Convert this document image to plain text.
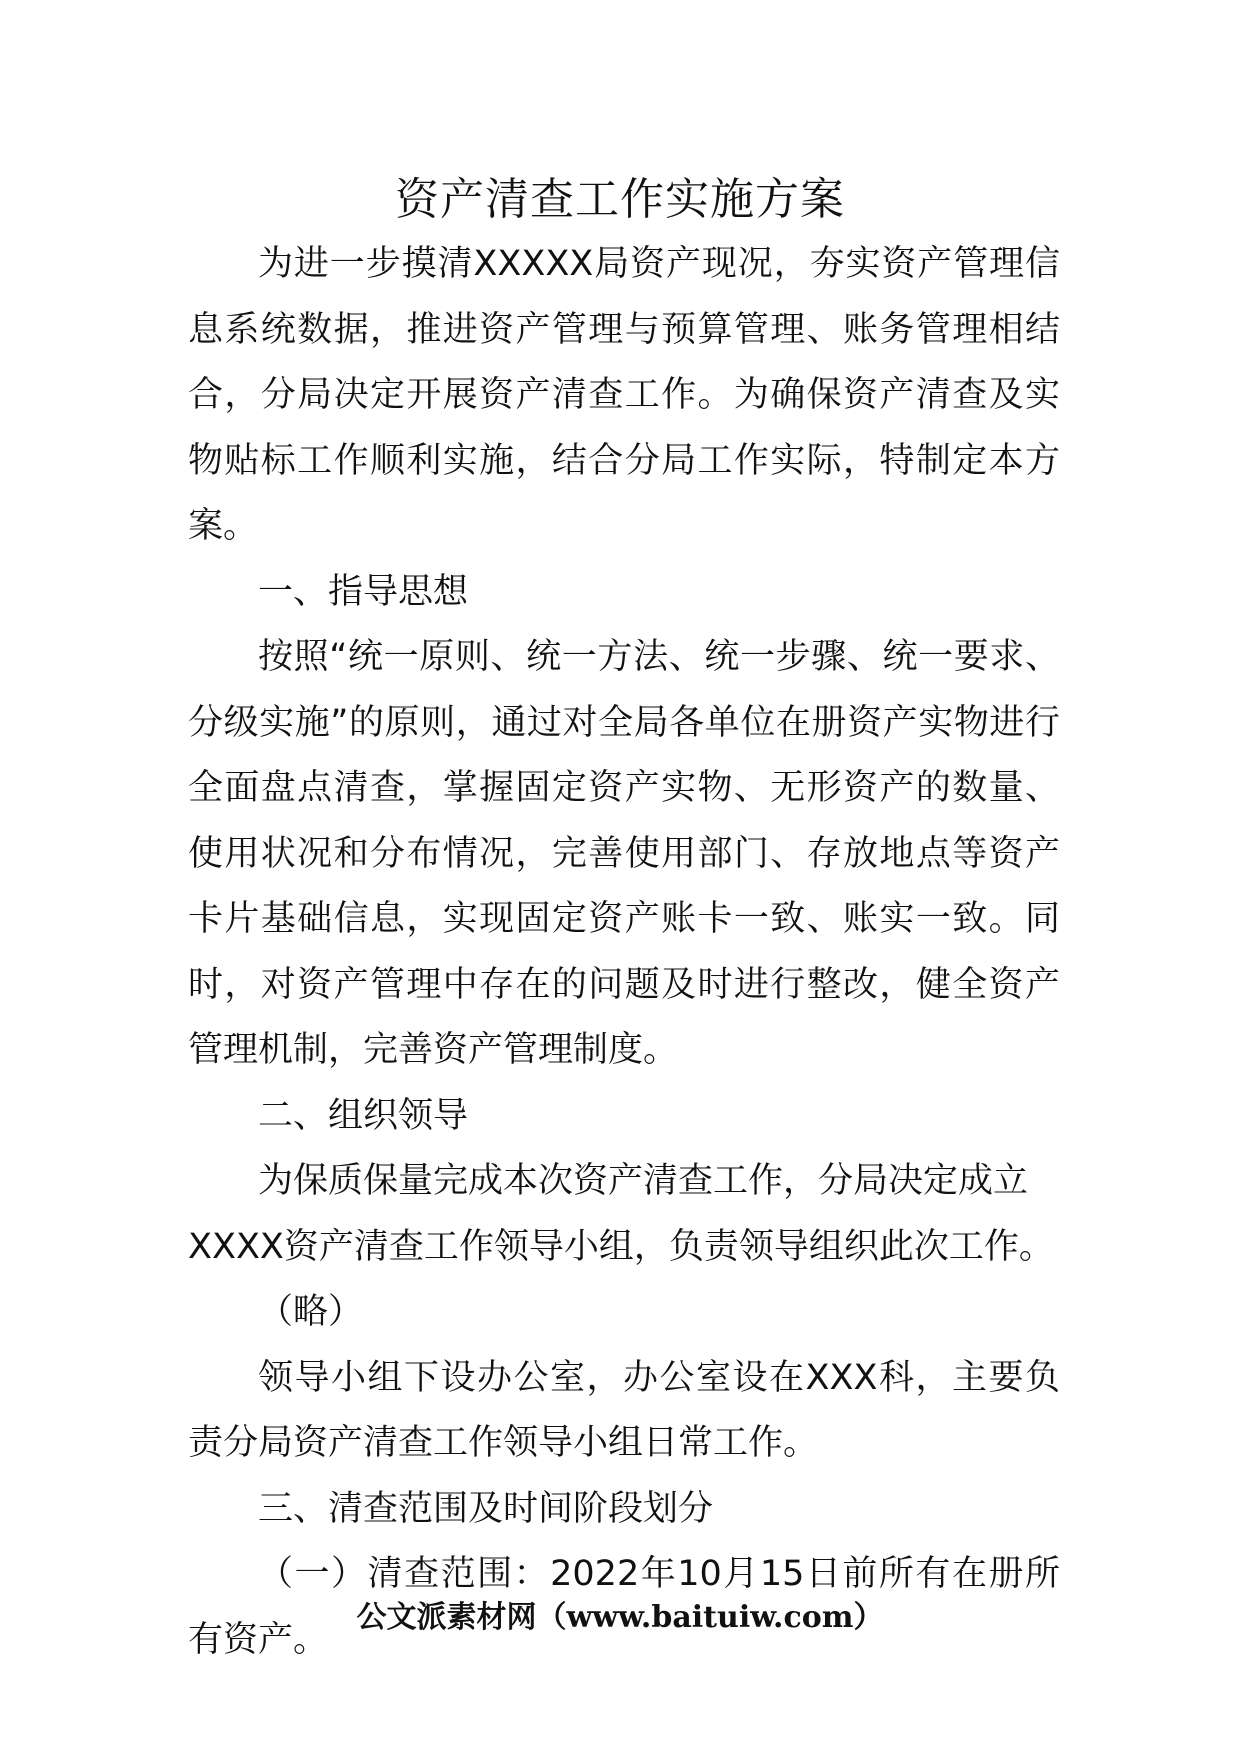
资产清查工作实施方案

为进一步摸清XXXXX局资产现况，夯实资产管理信息系统数据，推进资产管理与预算管理、账务管理相结合，分局决定开展资产清查工作。为确保资产清查及实物贴标工作顺利实施，结合分局工作实际，特制定本方案。

一、指导思想

按照“统一原则、统一方法、统一步骤、统一要求、分级实施”的原则，通过对全局各单位在册资产实物进行全面盘点清查，掌握固定资产实物、无形资产的数量、使用状况和分布情况，完善使用部门、存放地点等资产卡片基础信息，实现固定资产账卡一致、账实一致。同时，对资产管理中存在的问题及时进行整改，健全资产管理机制，完善资产管理制度。

二、组织领导

为保质保量完成本次资产清查工作，分局决定成立XXXX资产清查工作领导小组，负责领导组织此次工作。

（略）

领导小组下设办公室，办公室设在XXX科，主要负责分局资产清查工作领导小组日常工作。

三、清查范围及时间阶段划分

（一）清查范围：2022年10月15日前所有在册所有资产。

公文派素材网（www.baituiw.com）
